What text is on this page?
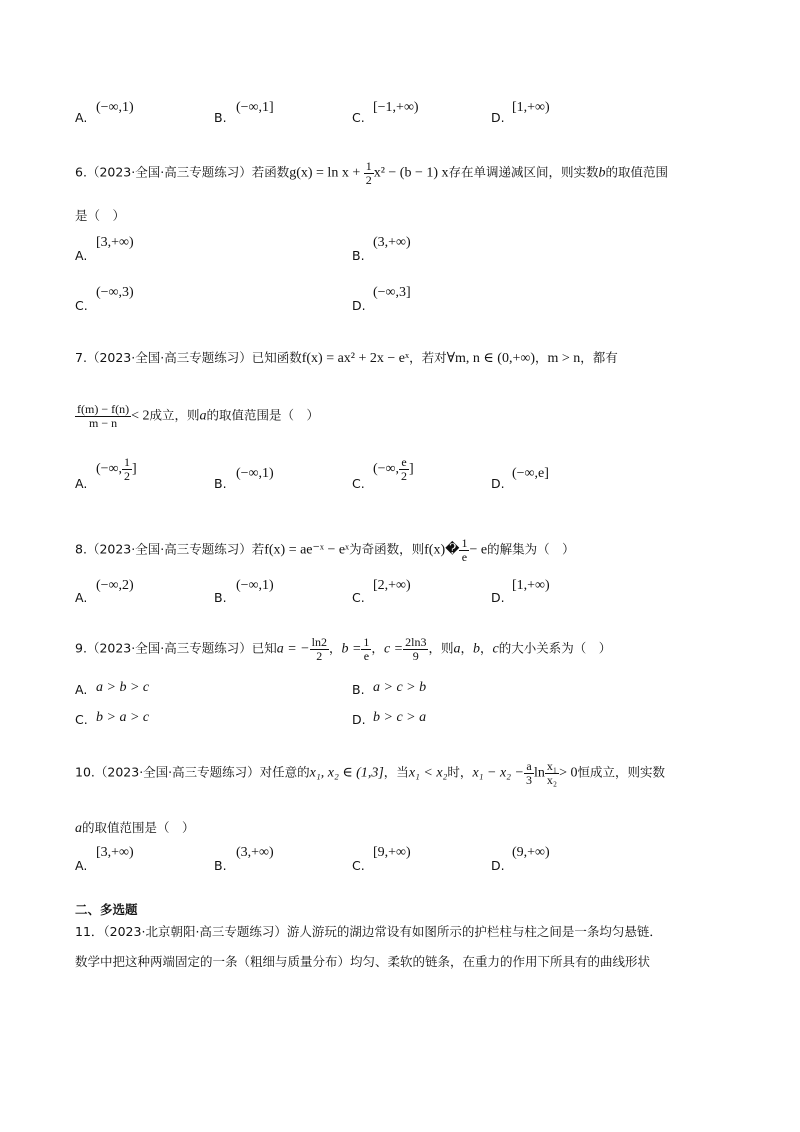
A.
(−∞,1)
B.
(−∞,1]
C.
[−1,+∞)
D.
[1,+∞)
6.（2023·全国·高三专题练习）若函数$g(x) = \ln x + \frac{1}{2} x^2 - (b - 1)$ x存在单调递减区间，则实数b的取值范围
是（　）
A.
[3,+∞)
B.
(3,+∞)
C.
(−∞,3)
D.
(−∞,3]
7.（2023·全国·高三专题练习）已知函数f(x) = ax² + 2x − eˣ，若对∀m, n ∈ (0,+∞)，m > n，都有
$\frac{f(m) - f(n)}{m - n} < 2$成立，则a的取值范围是（　）
A.
(−∞, $\frac{1}{2}$ ]
B.
(−∞,1)
C.
(−∞, $\frac{e}{2}$ ]
D.
(−∞,e]
8.（2023·全国·高三专题练习）若f(x) = ae⁻ˣ − eˣ为奇函数，则f(x)� $\frac{1}{e} - e$的解集为（　）
A.
(−∞,2)
B.
(−∞,1)
C.
[2,+∞)
D.
[1,+∞)
9.（2023·全国·高三专题练习）已知a = − $\frac{\ln 2}{2}$ ，$b = \frac{1}{e}$ ，$c = \frac{2\ln 3}{9}$ ，则a，b，c的大小关系为（　）
A. a > b > c	B. a > c > b
C. b > a > c	D. b > c > a
10.（2023·全国·高三专题练习）对任意的x₁, x₂ ∈ (1,3]，当x₁ < x₂时，$x_1 - x_2 - \frac{a}{3}$ $\ln \frac{\text{x₁}}{\text{x₂}} > 0$恒成立，则实数
a的取值范围是（　）
A.
[3,+∞)
B.
(3,+∞)
C.
[9,+∞)
D.
(9,+∞)
二、多选题
11．（2023·北京朝阳·高三专题练习）游人游玩的湖边常设有如图所示的护栏柱与柱之间是一条均匀悬链．
数学中把这种两端固定的一条（粗细与质量分布）均匀、柔软的链条，在重力的作用下所具有的曲线形状
